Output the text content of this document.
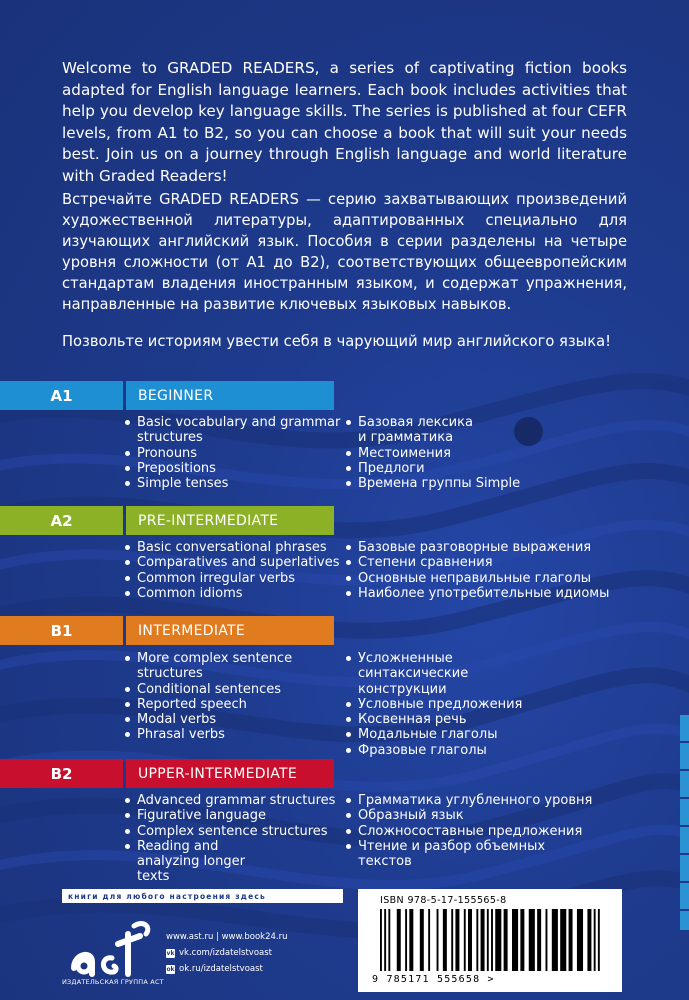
Welcome to GRADED READERS, a series of captivating fiction books adapted for English language learners. Each book includes activities that help you develop key language skills. The series is published at four CEFR levels, from A1 to B2, so you can choose a book that will suit your needs best. Join us on a journey through English language and world literature with Graded Readers!

Встречайте GRADED READERS — серию захватывающих произведений художественной литературы, адаптированных специально для изучающих английский язык. Пособия в серии разделены на четыре уровня сложности (от A1 до B2), соответствующих общеевропейским стандартам владения иностранным языком, и содержат упражнения, направленные на развитие ключевых языковых навыков.

Позвольте историям увести себя в чарующий мир английского языка!

A1	BEGINNER
Basic vocabulary and grammar structures
Pronouns
Prepositions
Simple tenses
Базовая лексика и грамматика
Местоимения
Предлоги
Времена группы Simple
A2	PRE-INTERMEDIATE
Basic conversational phrases
Comparatives and superlatives
Common irregular verbs
Common idioms
Базовые разговорные выражения
Степени сравнения
Основные неправильные глаголы
Наиболее употребительные идиомы
B1	INTERMEDIATE
More complex sentence structures
Conditional sentences
Reported speech
Modal verbs
Phrasal verbs
Усложненные синтаксические конструкции
Условные предложения
Косвенная речь
Модальные глаголы
Фразовые глаголы
B2	UPPER-INTERMEDIATE
Advanced grammar structures
Figurative language
Complex sentence structures
Reading and analyzing longer texts
Грамматика углубленного уровня
Образный язык
Сложносоставные предложения
Чтение и разбор объемных текстов
книги для любого настроения здесь
ИЗДАТЕЛЬСКАЯ ГРУППА АСТ
www.ast.ru | www.book24.ru
vk vk.com/izdatelstvoast
ok ok.ru/izdatelstvoast
ISBN 978-5-17-155565-8
9 785171 555658 >
